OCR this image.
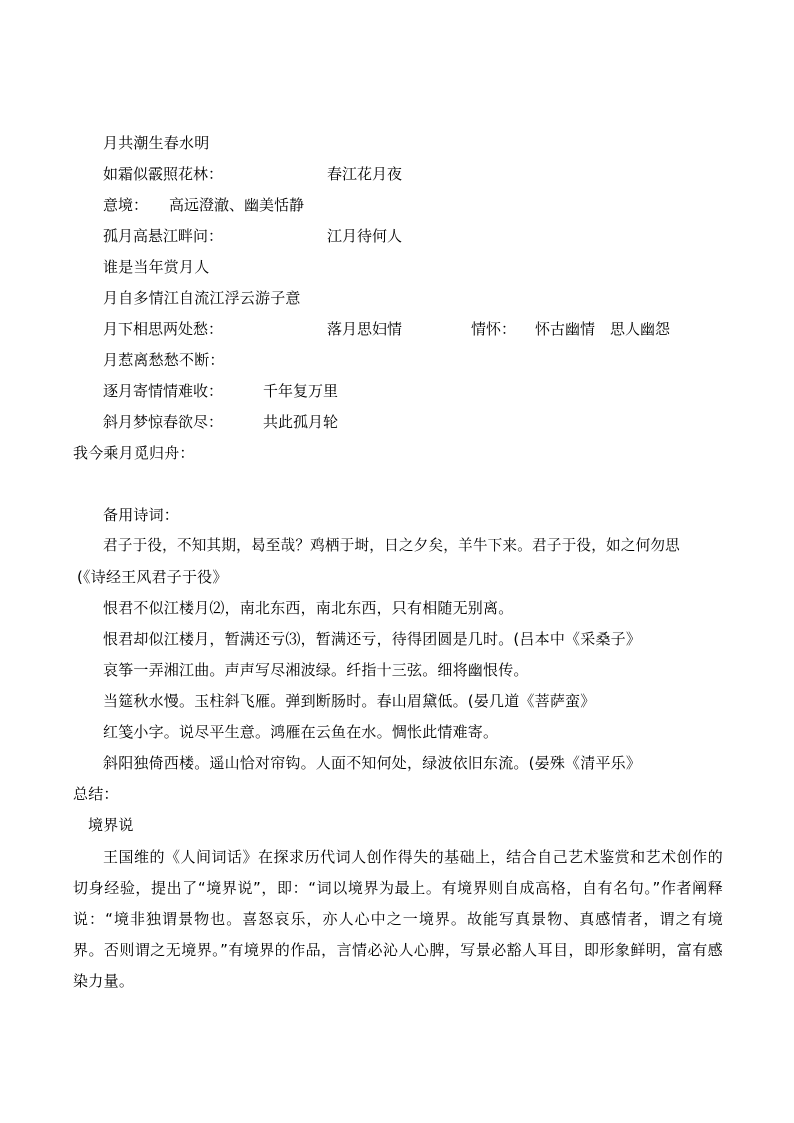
月共潮生春水明
如霜似霰照花林：	春江花月夜
意境： 高远澄澈、幽美恬静
孤月高悬江畔问：	江月待何人
谁是当年赏月人
月自多情江自流江浮云游子意
月下相思两处愁：	落月思妇情	情怀： 怀古幽情　思人幽怨
月惹离愁愁不断：
逐月寄情情难收：	千年复万里
斜月梦惊春欲尽：	共此孤月轮
我今乘月觅归舟：
备用诗词：
君子于役，不知其期，曷至哉？鸡栖于埘，日之夕矣，羊牛下来。君子于役，如之何勿思
(《诗经王风君子于役》
恨君不似江楼月⑵，南北东西，南北东西，只有相随无别离。
恨君却似江楼月，暂满还亏⑶，暂满还亏，待得团圆是几时。(吕本中《采桑子》
哀筝一弄湘江曲。声声写尽湘波绿。纤指十三弦。细将幽恨传。
当筵秋水慢。玉柱斜飞雁。弹到断肠时。春山眉黛低。(晏几道《菩萨蛮》
红笺小字。说尽平生意。鸿雁在云鱼在水。惆怅此情难寄。
斜阳独倚西楼。遥山恰对帘钩。人面不知何处，绿波依旧东流。(晏殊《清平乐》
总结：
境界说
王国维的《人间词话》在探求历代词人创作得失的基础上，结合自己艺术鉴赏和艺术创作的切身经验，提出了“境界说”，即：“词以境界为最上。有境界则自成高格，自有名句。”作者阐释说：“境非独谓景物也。喜怒哀乐，亦人心中之一境界。故能写真景物、真感情者，谓之有境界。否则谓之无境界。”有境界的作品，言情必沁人心脾，写景必豁人耳目，即形象鲜明，富有感染力量。
